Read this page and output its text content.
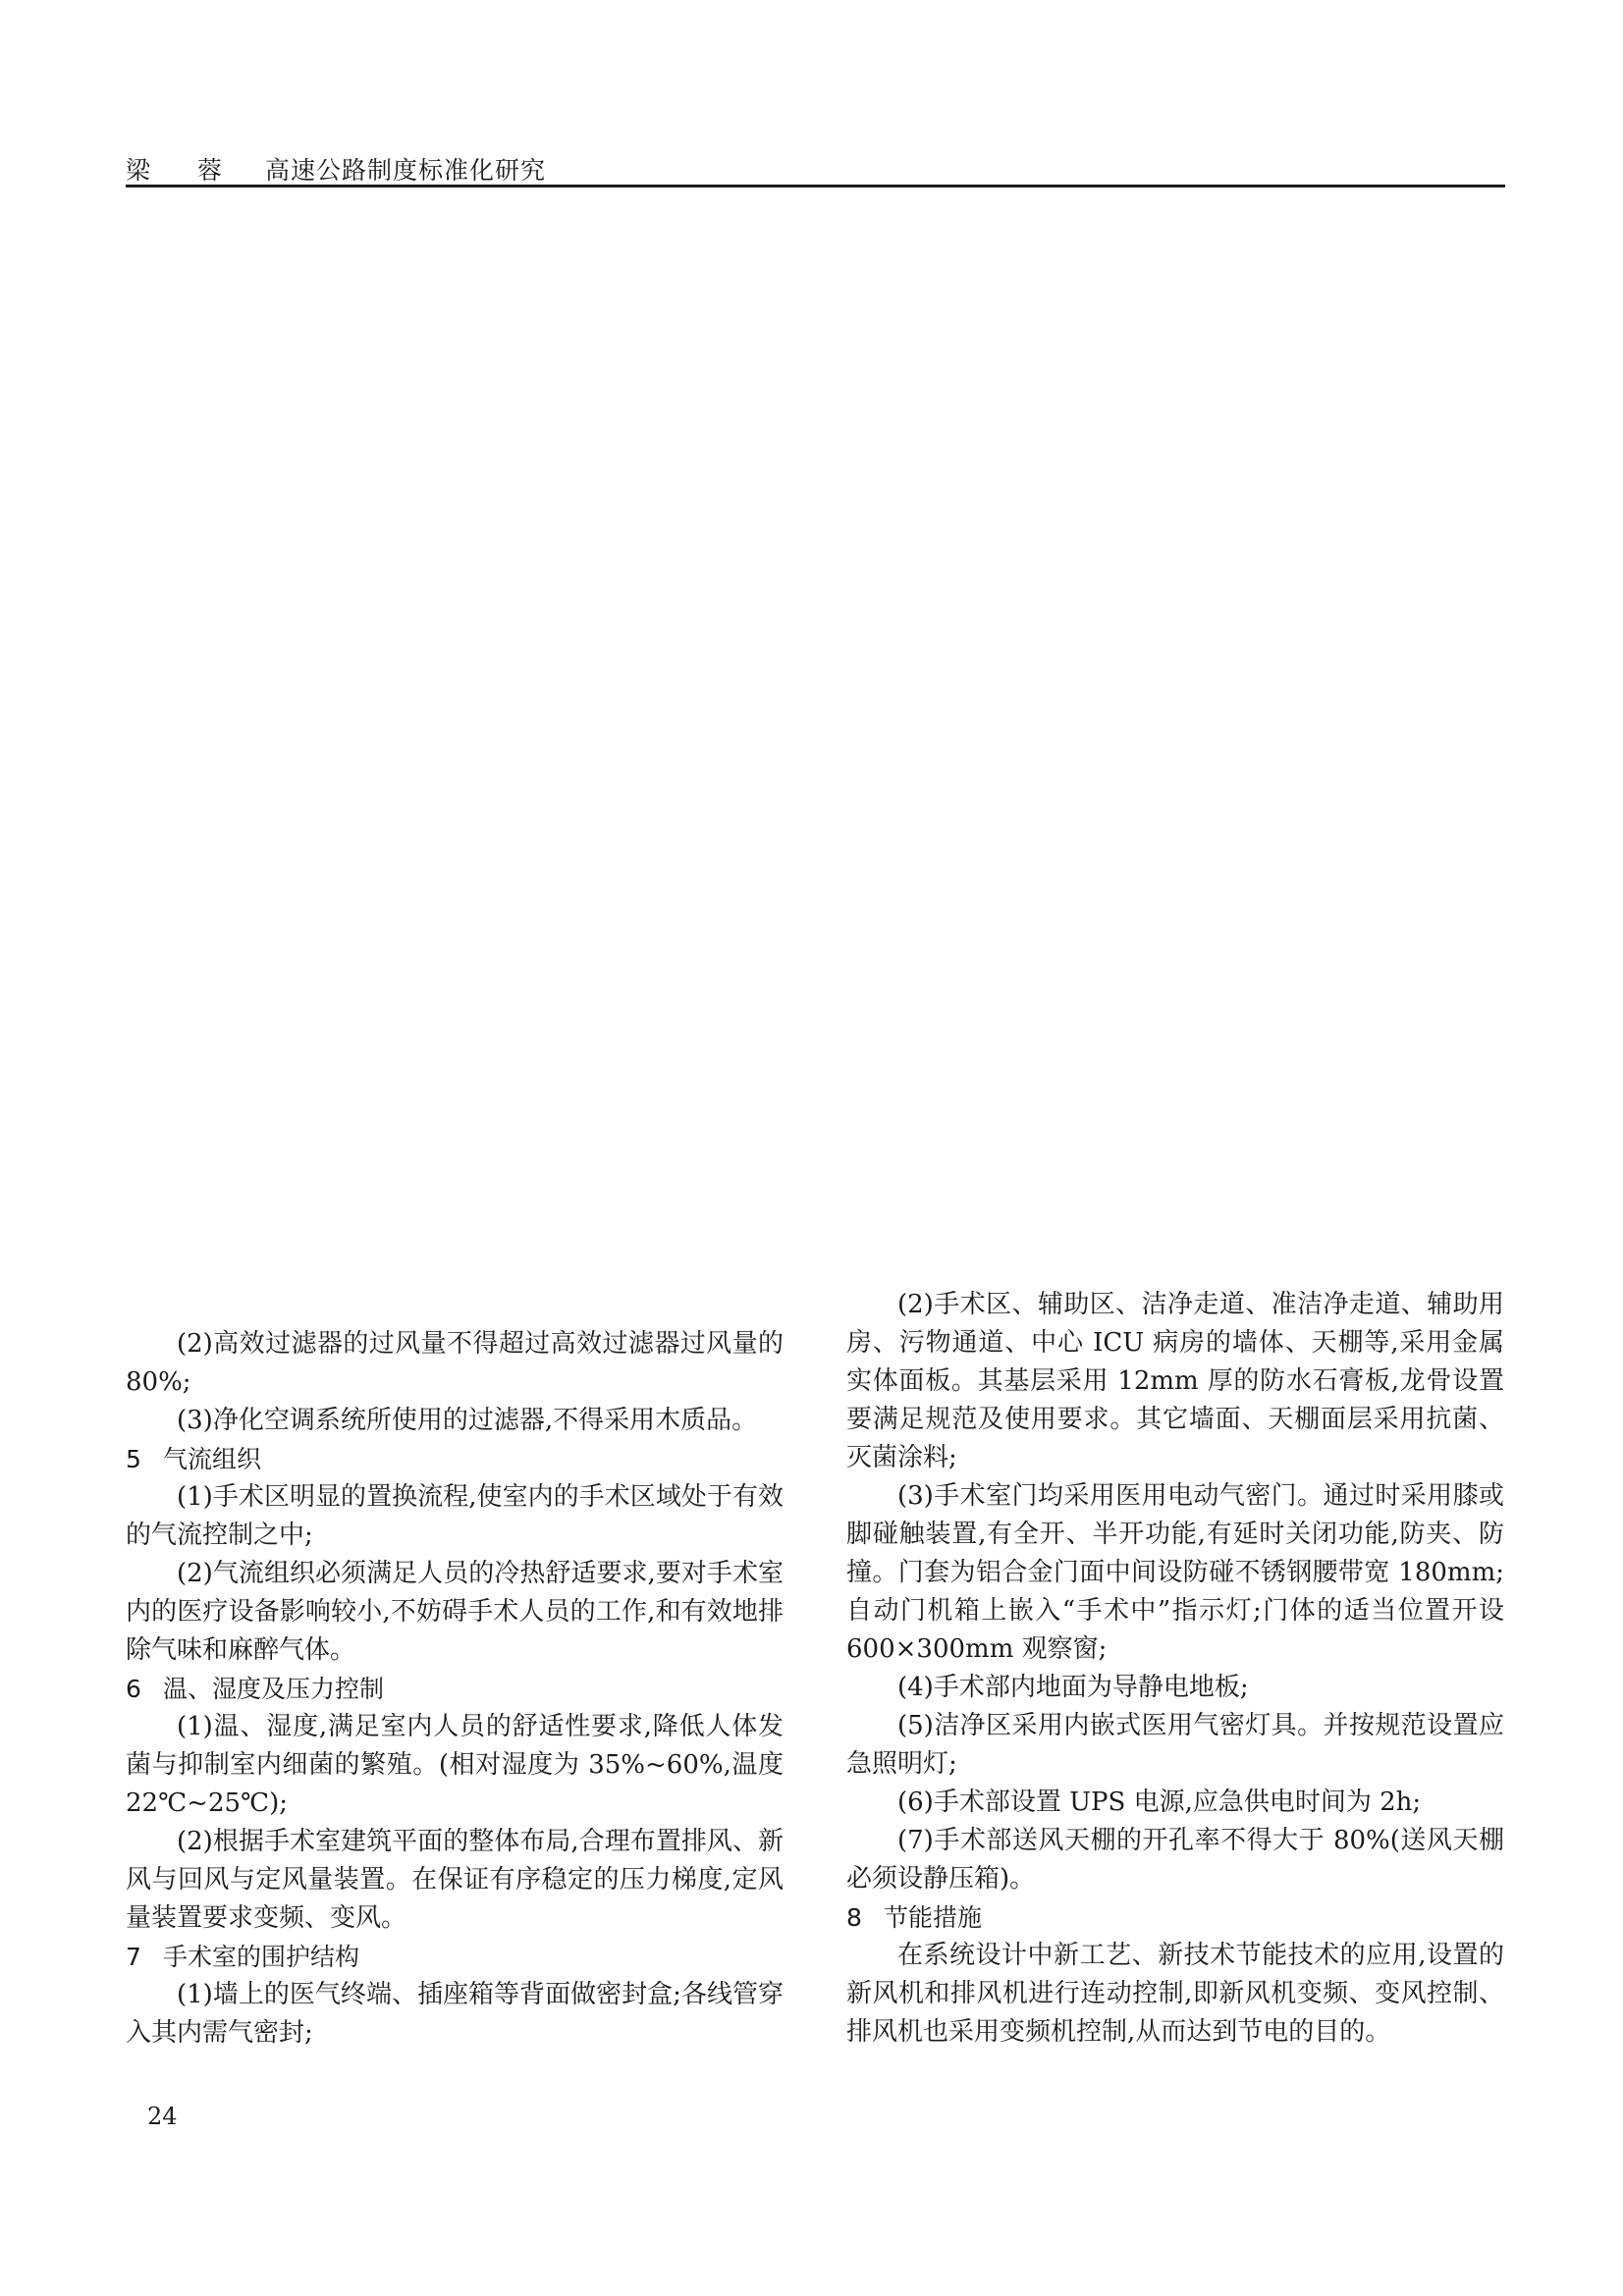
梁 蓉 高速公路制度标准化研究

(2)高效过滤器的过风量不得超过高效过滤器过风量的 80%;

(3)净化空调系统所使用的过滤器,不得采用木质品。

5 气流组织

(1)手术区明显的置换流程,使室内的手术区域处于有效的气流控制之中;

(2)气流组织必须满足人员的冷热舒适要求,要对手术室内的医疗设备影响较小,不妨碍手术人员的工作,和有效地排除气味和麻醉气体。

6 温、湿度及压力控制

(1)温、湿度,满足室内人员的舒适性要求,降低人体发菌与抑制室内细菌的繁殖。(相对湿度为 35%~60%,温度 22℃~25℃);

(2)根据手术室建筑平面的整体布局,合理布置排风、新风与回风与定风量装置。在保证有序稳定的压力梯度,定风量装置要求变频、变风。

7 手术室的围护结构

(1)墙上的医气终端、插座箱等背面做密封盒;各线管穿入其内需气密封;

(2)手术区、辅助区、洁净走道、准洁净走道、辅助用房、污物通道、中心 ICU 病房的墙体、天棚等,采用金属实体面板。其基层采用 12mm 厚的防水石膏板,龙骨设置要满足规范及使用要求。其它墙面、天棚面层采用抗菌、灭菌涂料;

(3)手术室门均采用医用电动气密门。通过时采用膝或脚碰触装置,有全开、半开功能,有延时关闭功能,防夹、防撞。门套为铝合金门面中间设防碰不锈钢腰带宽 180mm;自动门机箱上嵌入“手术中”指示灯;门体的适当位置开设 600×300mm 观察窗;

(4)手术部内地面为导静电地板;

(5)洁净区采用内嵌式医用气密灯具。并按规范设置应急照明灯;

(6)手术部设置 UPS 电源,应急供电时间为 2h;

(7)手术部送风天棚的开孔率不得大于 80%(送风天棚必须设静压箱)。

8 节能措施

在系统设计中新工艺、新技术节能技术的应用,设置的新风机和排风机进行连动控制,即新风机变频、变风控制、排风机也采用变频机控制,从而达到节电的目的。

24
